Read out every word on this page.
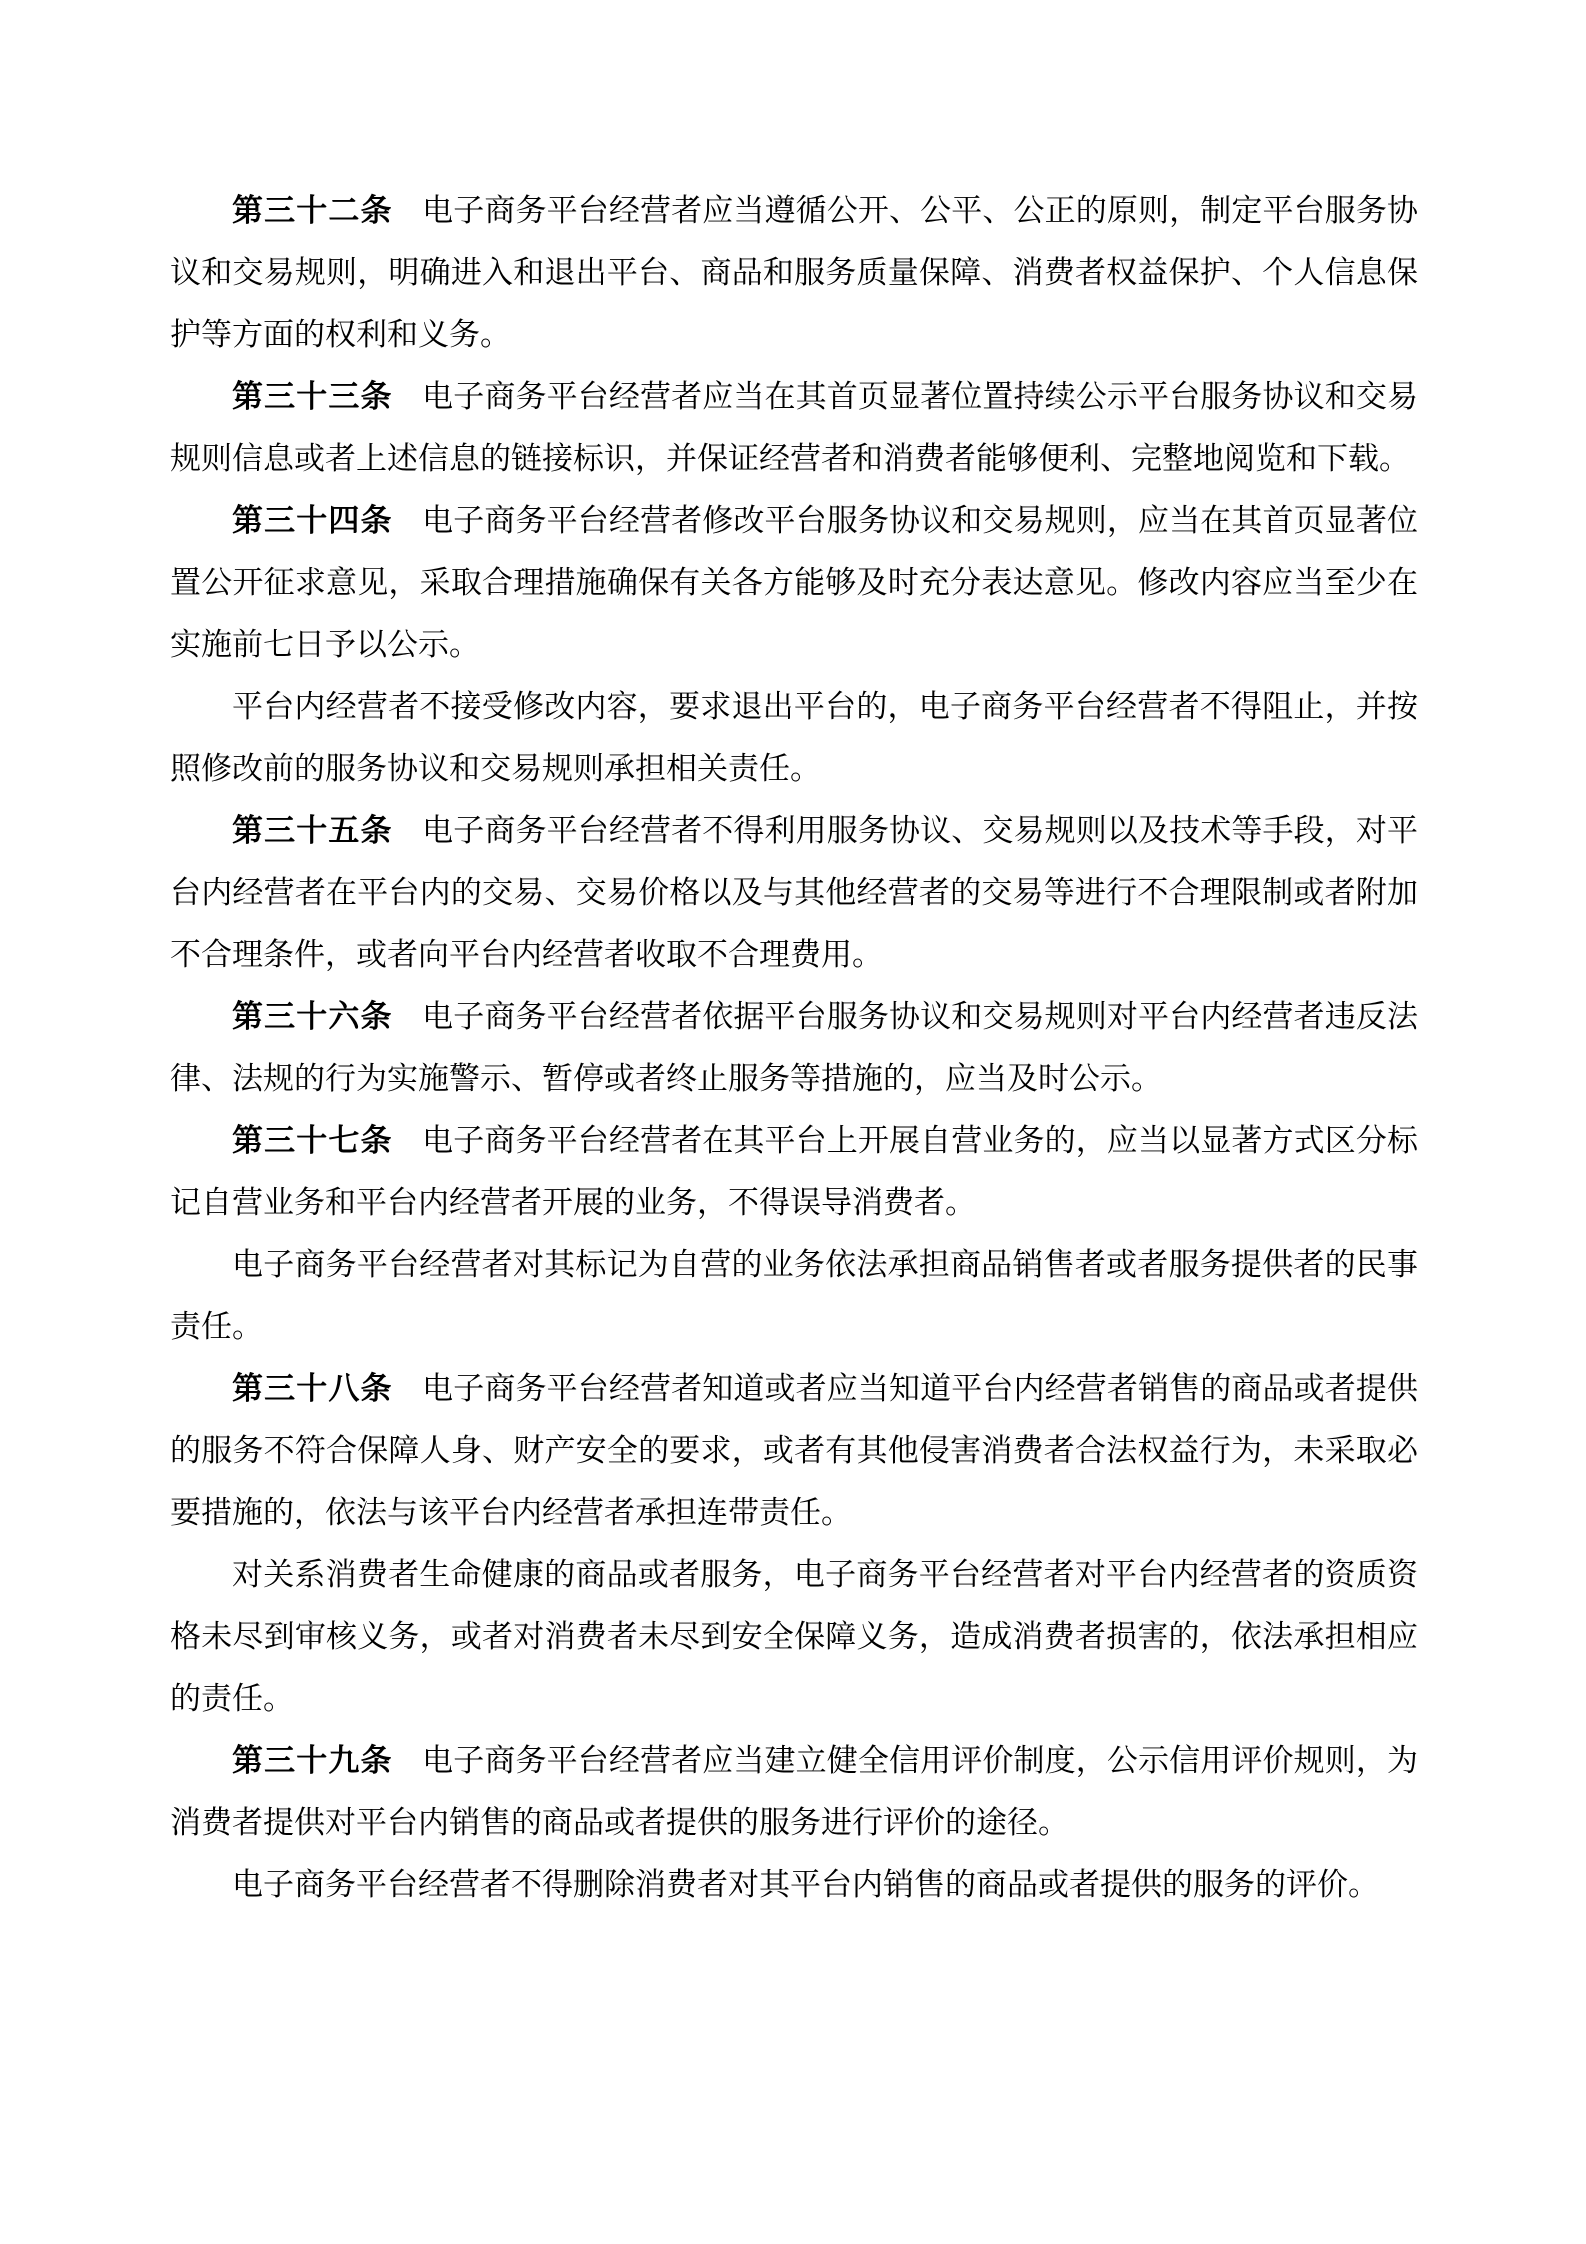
第三十二条 电子商务平台经营者应当遵循公开、公平、公正的原则，制定平台服务协议和交易规则，明确进入和退出平台、商品和服务质量保障、消费者权益保护、个人信息保护等方面的权利和义务。

第三十三条 电子商务平台经营者应当在其首页显著位置持续公示平台服务协议和交易规则信息或者上述信息的链接标识，并保证经营者和消费者能够便利、完整地阅览和下载。

第三十四条 电子商务平台经营者修改平台服务协议和交易规则，应当在其首页显著位置公开征求意见，采取合理措施确保有关各方能够及时充分表达意见。修改内容应当至少在实施前七日予以公示。

平台内经营者不接受修改内容，要求退出平台的，电子商务平台经营者不得阻止，并按照修改前的服务协议和交易规则承担相关责任。

第三十五条 电子商务平台经营者不得利用服务协议、交易规则以及技术等手段，对平台内经营者在平台内的交易、交易价格以及与其他经营者的交易等进行不合理限制或者附加不合理条件，或者向平台内经营者收取不合理费用。

第三十六条 电子商务平台经营者依据平台服务协议和交易规则对平台内经营者违反法律、法规的行为实施警示、暂停或者终止服务等措施的，应当及时公示。

第三十七条 电子商务平台经营者在其平台上开展自营业务的，应当以显著方式区分标记自营业务和平台内经营者开展的业务，不得误导消费者。

电子商务平台经营者对其标记为自营的业务依法承担商品销售者或者服务提供者的民事责任。

第三十八条 电子商务平台经营者知道或者应当知道平台内经营者销售的商品或者提供的服务不符合保障人身、财产安全的要求，或者有其他侵害消费者合法权益行为，未采取必要措施的，依法与该平台内经营者承担连带责任。

对关系消费者生命健康的商品或者服务，电子商务平台经营者对平台内经营者的资质资格未尽到审核义务，或者对消费者未尽到安全保障义务，造成消费者损害的，依法承担相应的责任。

第三十九条 电子商务平台经营者应当建立健全信用评价制度，公示信用评价规则，为消费者提供对平台内销售的商品或者提供的服务进行评价的途径。

电子商务平台经营者不得删除消费者对其平台内销售的商品或者提供的服务的评价。
